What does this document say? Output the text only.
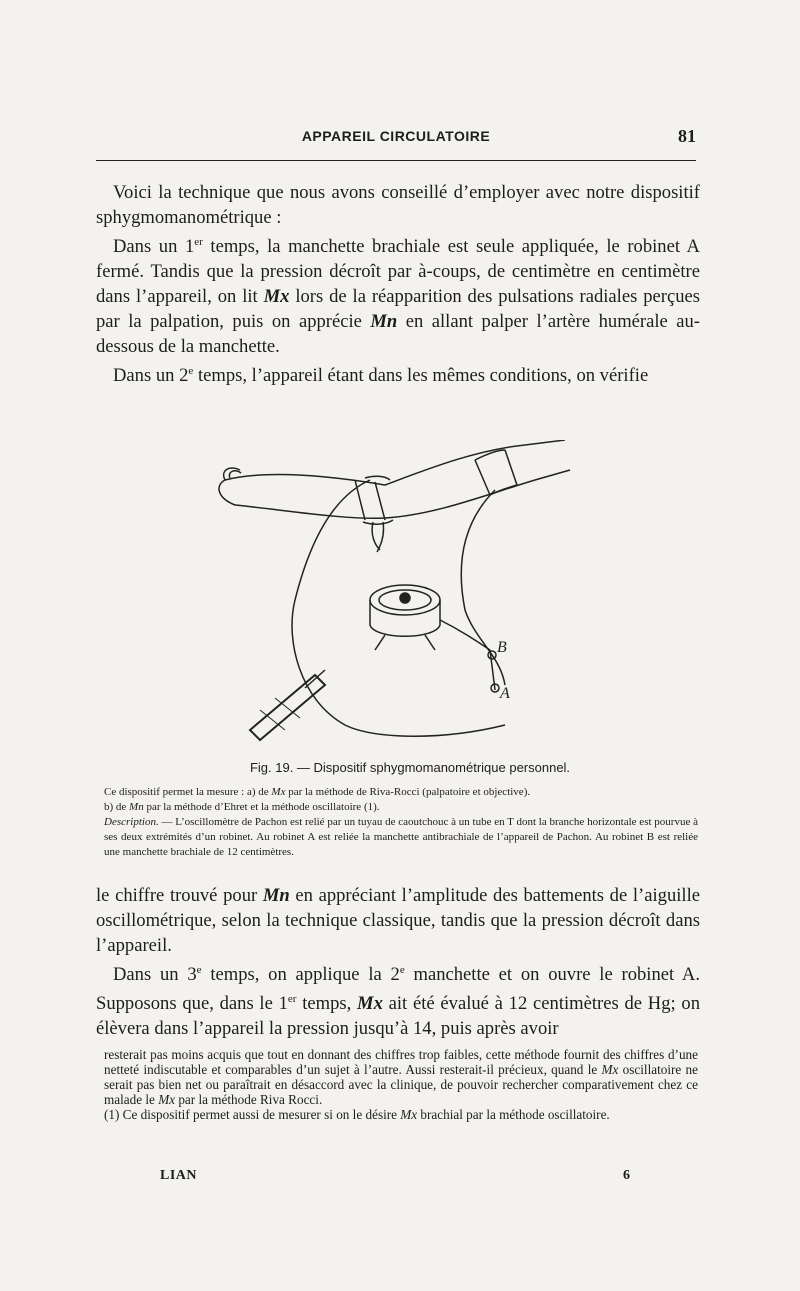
APPAREIL CIRCULATOIRE	81

Voici la technique que nous avons conseillé d’employer avec notre dispositif sphygmomanométrique :

Dans un 1er temps, la manchette brachiale est seule appliquée, le robinet A fermé. Tandis que la pression décroît par à-coups, de centimètre en centimètre dans l’appareil, on lit Mx lors de la réapparition des pulsations radiales perçues par la palpation, puis on apprécie Mn en allant palper l’artère humérale au-dessous de la manchette.

Dans un 2e temps, l’appareil étant dans les mêmes conditions, on vérifie

B
A
Fig. 19. — Dispositif sphygmomanométrique personnel.

Ce dispositif permet la mesure : a) de Mx par la méthode de Riva-Rocci (palpatoire et objective).

b) de Mn par la méthode d’Ehret et la méthode oscillatoire (1).

Description. — L’oscillomètre de Pachon est relié par un tuyau de caoutchouc à un tube en T dont la branche horizontale est pourvue à ses deux extrémités d’un robinet. Au robinet A est reliée la manchette antibrachiale de l’appareil de Pachon. Au robinet B est reliée une manchette brachiale de 12 centimètres.

le chiffre trouvé pour Mn en appréciant l’amplitude des battements de l’aiguille oscillométrique, selon la technique classique, tandis que la pression décroît dans l’appareil.

Dans un 3e temps, on applique la 2e manchette et on ouvre le robinet A. Supposons que, dans le 1er temps, Mx ait été évalué à 12 centimètres de Hg; on élèvera dans l’appareil la pression jusqu’à 14, puis après avoir

resterait pas moins acquis que tout en donnant des chiffres trop faibles, cette méthode fournit des chiffres d’une netteté indiscutable et comparables d’un sujet à l’autre. Aussi resterait-il précieux, quand le Mx oscillatoire ne serait pas bien net ou paraîtrait en désaccord avec la clinique, de pouvoir rechercher comparativement chez ce malade le Mx par la méthode Riva Rocci.

(1) Ce dispositif permet aussi de mesurer si on le désire Mx brachial par la méthode oscillatoire.

LIAN	6
